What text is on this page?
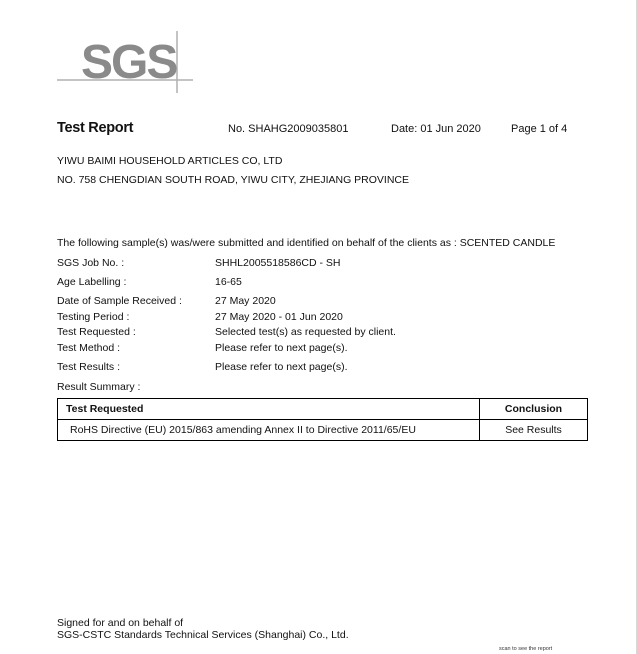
SGS
Test Report	No. SHAHG2009035801	Date: 01 Jun 2020	Page 1 of 4
YIWU BAIMI HOUSEHOLD ARTICLES CO, LTD
NO. 758 CHENGDIAN SOUTH ROAD, YIWU CITY, ZHEJIANG PROVINCE
The following sample(s) was/were submitted and identified on behalf of the clients as : SCENTED CANDLE
SGS Job No. :	SHHL2005518586CD - SH
Age Labelling :	16-65
Date of Sample Received :	27 May 2020
Testing Period :	27 May 2020 - 01 Jun 2020
Test Requested :	Selected test(s) as requested by client.
Test Method :	Please refer to next page(s).
Test Results :	Please refer to next page(s).
Result Summary :
Test Requested	Conclusion
RoHS Directive (EU) 2015/863 amending Annex II to Directive 2011/65/EU	See Results
Signed for and on behalf of
SGS-CSTC Standards Technical Services (Shanghai) Co., Ltd.
scan to see the report
